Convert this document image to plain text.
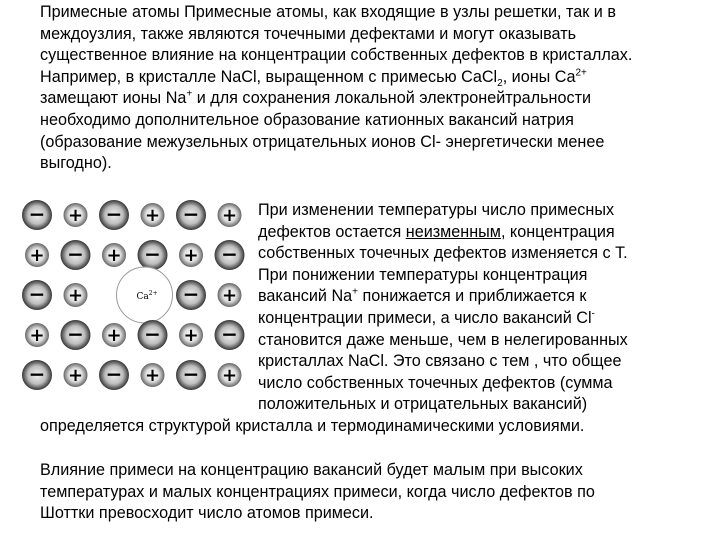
Примесные атомы Примесные атомы, как входящие в узлы решетки, так и в
междоузлия, также являются точечными дефектами и могут оказывать
существенное влияние на концентрации собственных дефектов в кристаллах.
Например, в кристалле NaCl, выращенном с примесью CaCl$_2$, ионы $Ca^{2+}$
замещают ионы Na+ и для сохранения локальной электронейтральности
необходимо дополнительное образование катионных вакансий натрия
(образование межузельных отрицательных ионов Cl- энергетически менее
выгодно).
− + − + − +
+ − + − + −
− +	$Ca^{2+}$ − +
+ − + − + −
− + − + − +
При изменении температуры число примесных
дефектов остается неизменным, концентрация
собственных точечных дефектов изменяется с Т.
При понижении температуры концентрация
вакансий Na+ понижается и приближается к
концентрации примеси, а число вакансий Cl-
становится даже меньше, чем в нелегированных
кристаллах NaCl. Это связано с тем , что общее
число собственных точечных дефектов (сумма
положительных и отрицательных вакансий)
определяется структурой кристалла и термодинамическими условиями.
Влияние примеси на концентрацию вакансий будет малым при высоких
температурах и малых концентрациях примеси, когда число дефектов по
Шоттки превосходит число атомов примеси.
